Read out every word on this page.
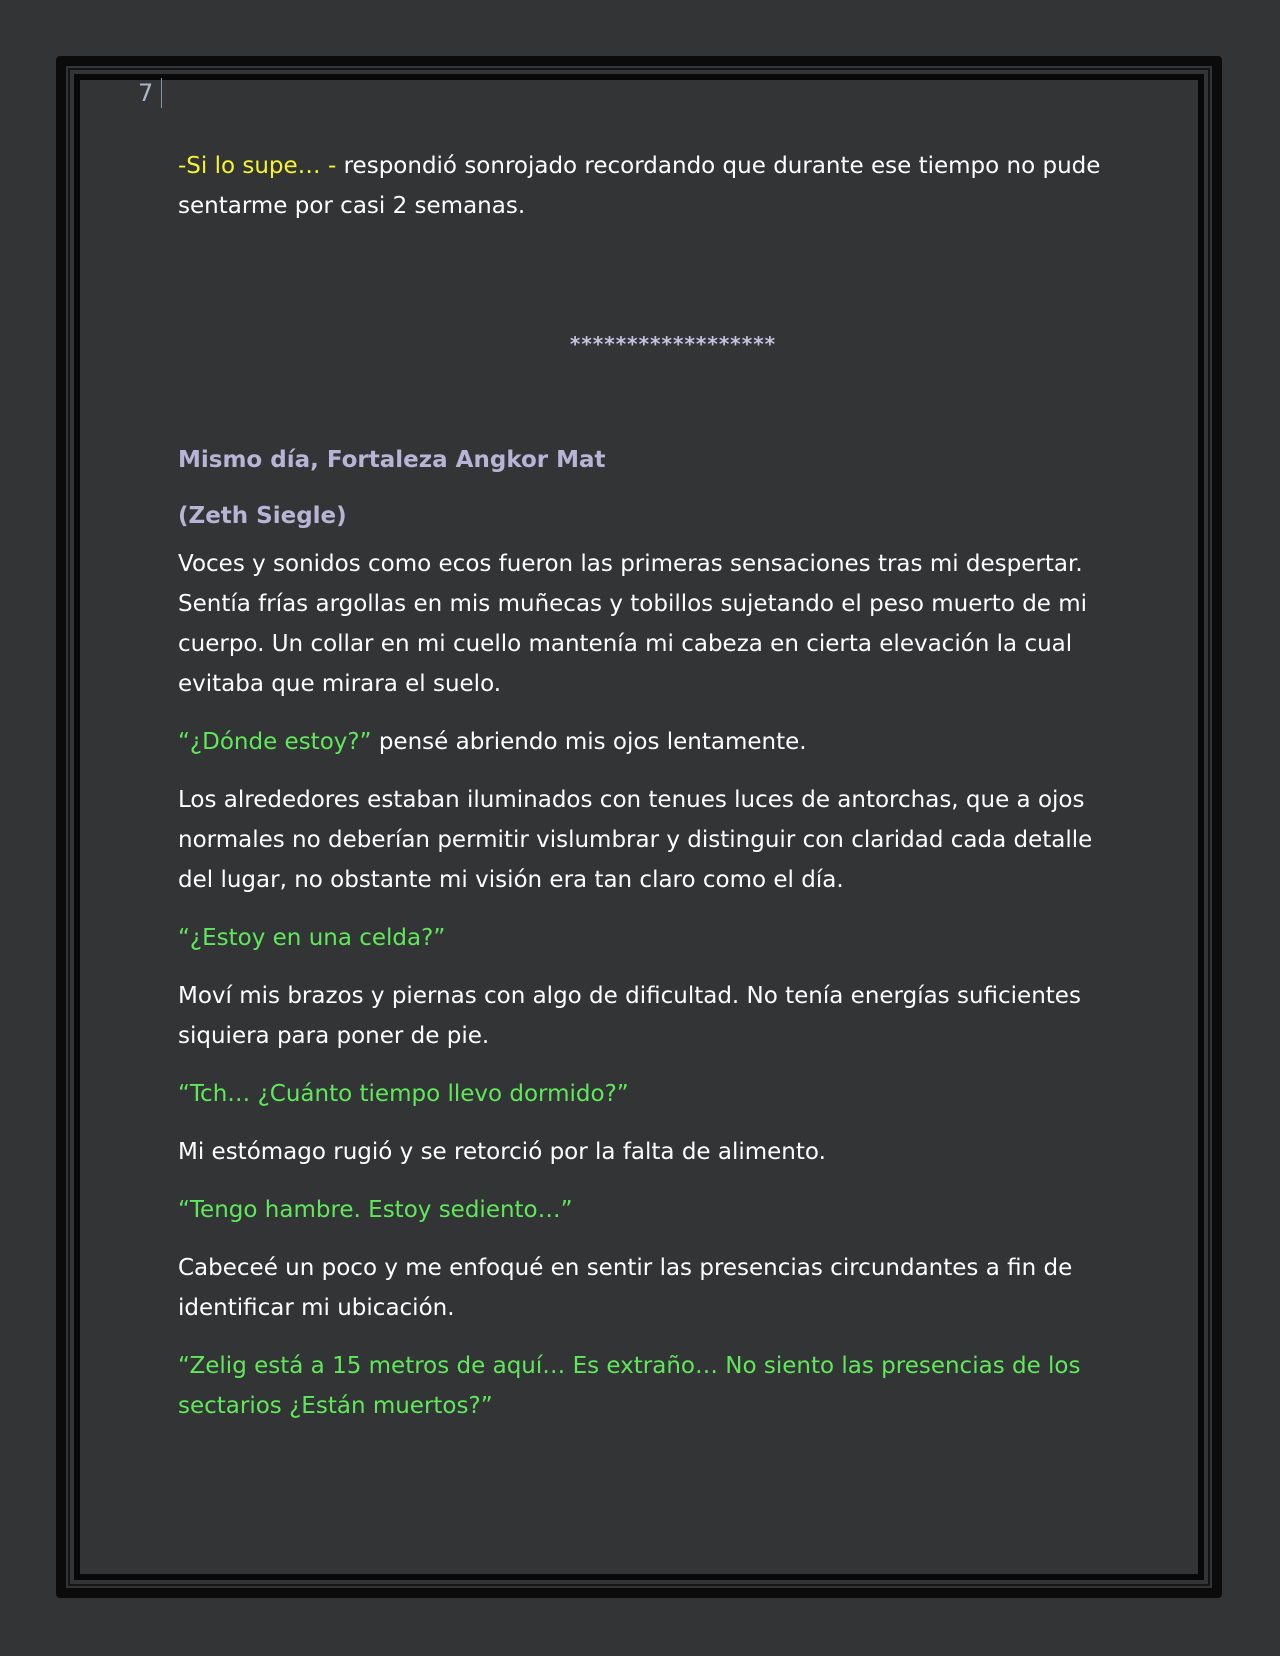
7

-Si lo supe… - respondió sonrojado recordando que durante ese tiempo no pude sentarme por casi 2 semanas.

******************

Mismo día, Fortaleza Angkor Mat

(Zeth Siegle)

Voces y sonidos como ecos fueron las primeras sensaciones tras mi despertar. Sentía frías argollas en mis muñecas y tobillos sujetando el peso muerto de mi cuerpo. Un collar en mi cuello mantenía mi cabeza en cierta elevación la cual evitaba que mirara el suelo.

“¿Dónde estoy?” pensé abriendo mis ojos lentamente.

Los alrededores estaban iluminados con tenues luces de antorchas, que a ojos normales no deberían permitir vislumbrar y distinguir con claridad cada detalle del lugar, no obstante mi visión era tan claro como el día.

“¿Estoy en una celda?”

Moví mis brazos y piernas con algo de dificultad. No tenía energías suficientes siquiera para poner de pie.

“Tch… ¿Cuánto tiempo llevo dormido?”

Mi estómago rugió y se retorció por la falta de alimento.

“Tengo hambre. Estoy sediento…”

Cabeceé un poco y me enfoqué en sentir las presencias circundantes a fin de identificar mi ubicación.

“Zelig está a 15 metros de aquí… Es extraño… No siento las presencias de los sectarios ¿Están muertos?”
